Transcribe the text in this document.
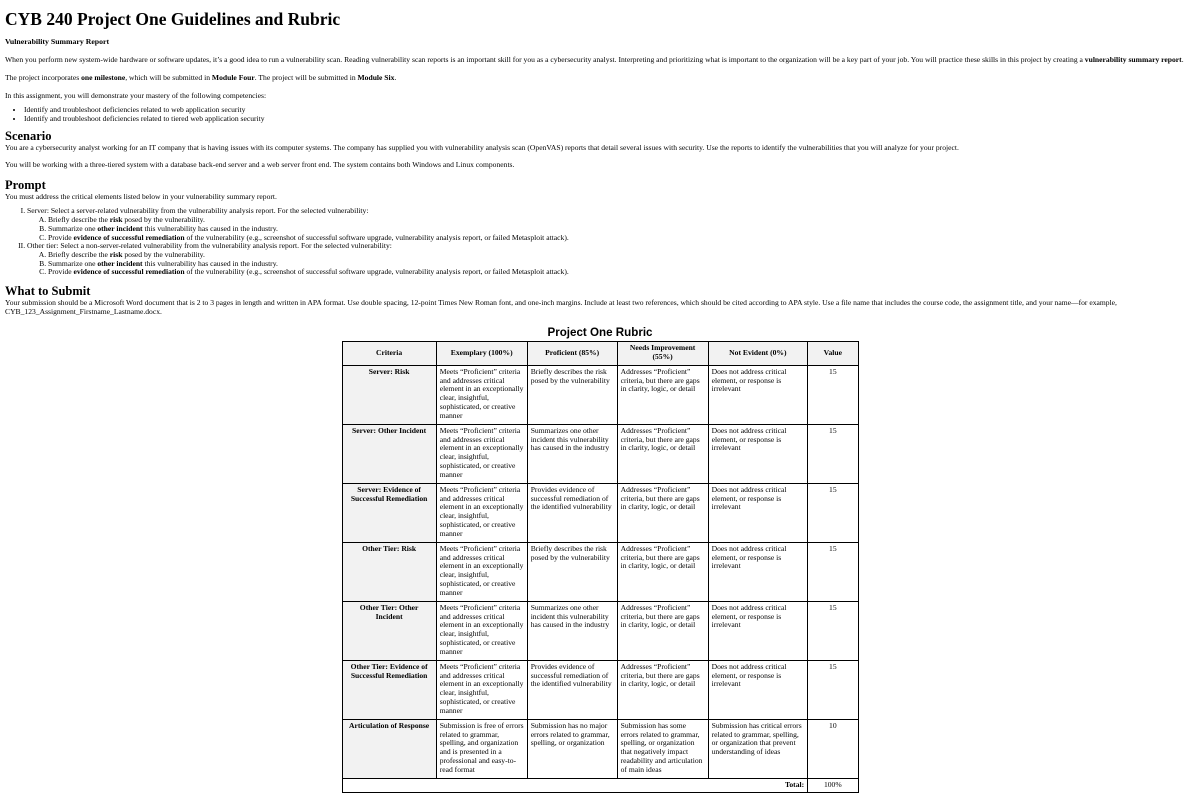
CYB 240 Project One Guidelines and Rubric
Vulnerability Summary Report

When you perform new system-wide hardware or software updates, it’s a good idea to run a vulnerability scan. Reading vulnerability scan reports is an important skill for you as a cybersecurity analyst. Interpreting and prioritizing what is important to the organization will be a key part of your job. You will practice these skills in this project by creating a vulnerability summary report.

The project incorporates one milestone, which will be submitted in Module Four. The project will be submitted in Module Six.

In this assignment, you will demonstrate your mastery of the following competencies:

• Identify and troubleshoot deficiencies related to web application security
• Identify and troubleshoot deficiencies related to tiered web application security
Scenario

You are a cybersecurity analyst working for an IT company that is having issues with its computer systems. The company has supplied you with vulnerability analysis scan (OpenVAS) reports that detail several issues with security. Use the reports to identify the vulnerabilities that you will analyze for your project.

You will be working with a three-tiered system with a database back-end server and a web server front end. The system contains both Windows and Linux components.

Prompt

You must address the critical elements listed below in your vulnerability summary report.

I. Server: Select a server-related vulnerability from the vulnerability analysis report. For the selected vulnerability:
A. Briefly describe the risk posed by the vulnerability.
B. Summarize one other incident this vulnerability has caused in the industry.
C. Provide evidence of successful remediation of the vulnerability (e.g., screenshot of successful software upgrade, vulnerability analysis report, or failed Metasploit attack).
II. Other tier: Select a non-server-related vulnerability from the vulnerability analysis report. For the selected vulnerability:
A. Briefly describe the risk posed by the vulnerability.
B. Summarize one other incident this vulnerability has caused in the industry.
C. Provide evidence of successful remediation of the vulnerability (e.g., screenshot of successful software upgrade, vulnerability analysis report, or failed Metasploit attack).
What to Submit

Your submission should be a Microsoft Word document that is 2 to 3 pages in length and written in APA format. Use double spacing, 12-point Times New Roman font, and one-inch margins. Include at least two references, which should be cited according to APA style. Use a file name that includes the course code, the assignment title, and your name—for example, CYB_123_Assignment_Firstname_Lastname.docx.

Project One Rubric
Criteria	Exemplary (100%)	Proficient (85%)	Needs Improvement (55%)	Not Evident (0%)	Value
Server: Risk	Meets “Proficient” criteria and addresses critical element in an exceptionally clear, insightful, sophisticated, or creative manner	Briefly describes the risk posed by the vulnerability	Addresses “Proficient” criteria, but there are gaps in clarity, logic, or detail	Does not address critical element, or response is irrelevant	15
Server: Other Incident	Meets “Proficient” criteria and addresses critical element in an exceptionally clear, insightful, sophisticated, or creative manner	Summarizes one other incident this vulnerability has caused in the industry	Addresses “Proficient” criteria, but there are gaps in clarity, logic, or detail	Does not address critical element, or response is irrelevant	15
Server: Evidence of Successful Remediation	Meets “Proficient” criteria and addresses critical element in an exceptionally clear, insightful, sophisticated, or creative manner	Provides evidence of successful remediation of the identified vulnerability	Addresses “Proficient” criteria, but there are gaps in clarity, logic, or detail	Does not address critical element, or response is irrelevant	15
Other Tier: Risk	Meets “Proficient” criteria and addresses critical element in an exceptionally clear, insightful, sophisticated, or creative manner	Briefly describes the risk posed by the vulnerability	Addresses “Proficient” criteria, but there are gaps in clarity, logic, or detail	Does not address critical element, or response is irrelevant	15
Other Tier: Other Incident	Meets “Proficient” criteria and addresses critical element in an exceptionally clear, insightful, sophisticated, or creative manner	Summarizes one other incident this vulnerability has caused in the industry	Addresses “Proficient” criteria, but there are gaps in clarity, logic, or detail	Does not address critical element, or response is irrelevant	15
Other Tier: Evidence of Successful Remediation	Meets “Proficient” criteria and addresses critical element in an exceptionally clear, insightful, sophisticated, or creative manner	Provides evidence of successful remediation of the identified vulnerability	Addresses “Proficient” criteria, but there are gaps in clarity, logic, or detail	Does not address critical element, or response is irrelevant	15
Articulation of Response	Submission is free of errors related to grammar, spelling, and organization and is presented in a professional and easy-to-read format	Submission has no major errors related to grammar, spelling, or organization	Submission has some errors related to grammar, spelling, or organization that negatively impact readability and articulation of main ideas	Submission has critical errors related to grammar, spelling, or organization that prevent understanding of ideas	10
Total:					100%
